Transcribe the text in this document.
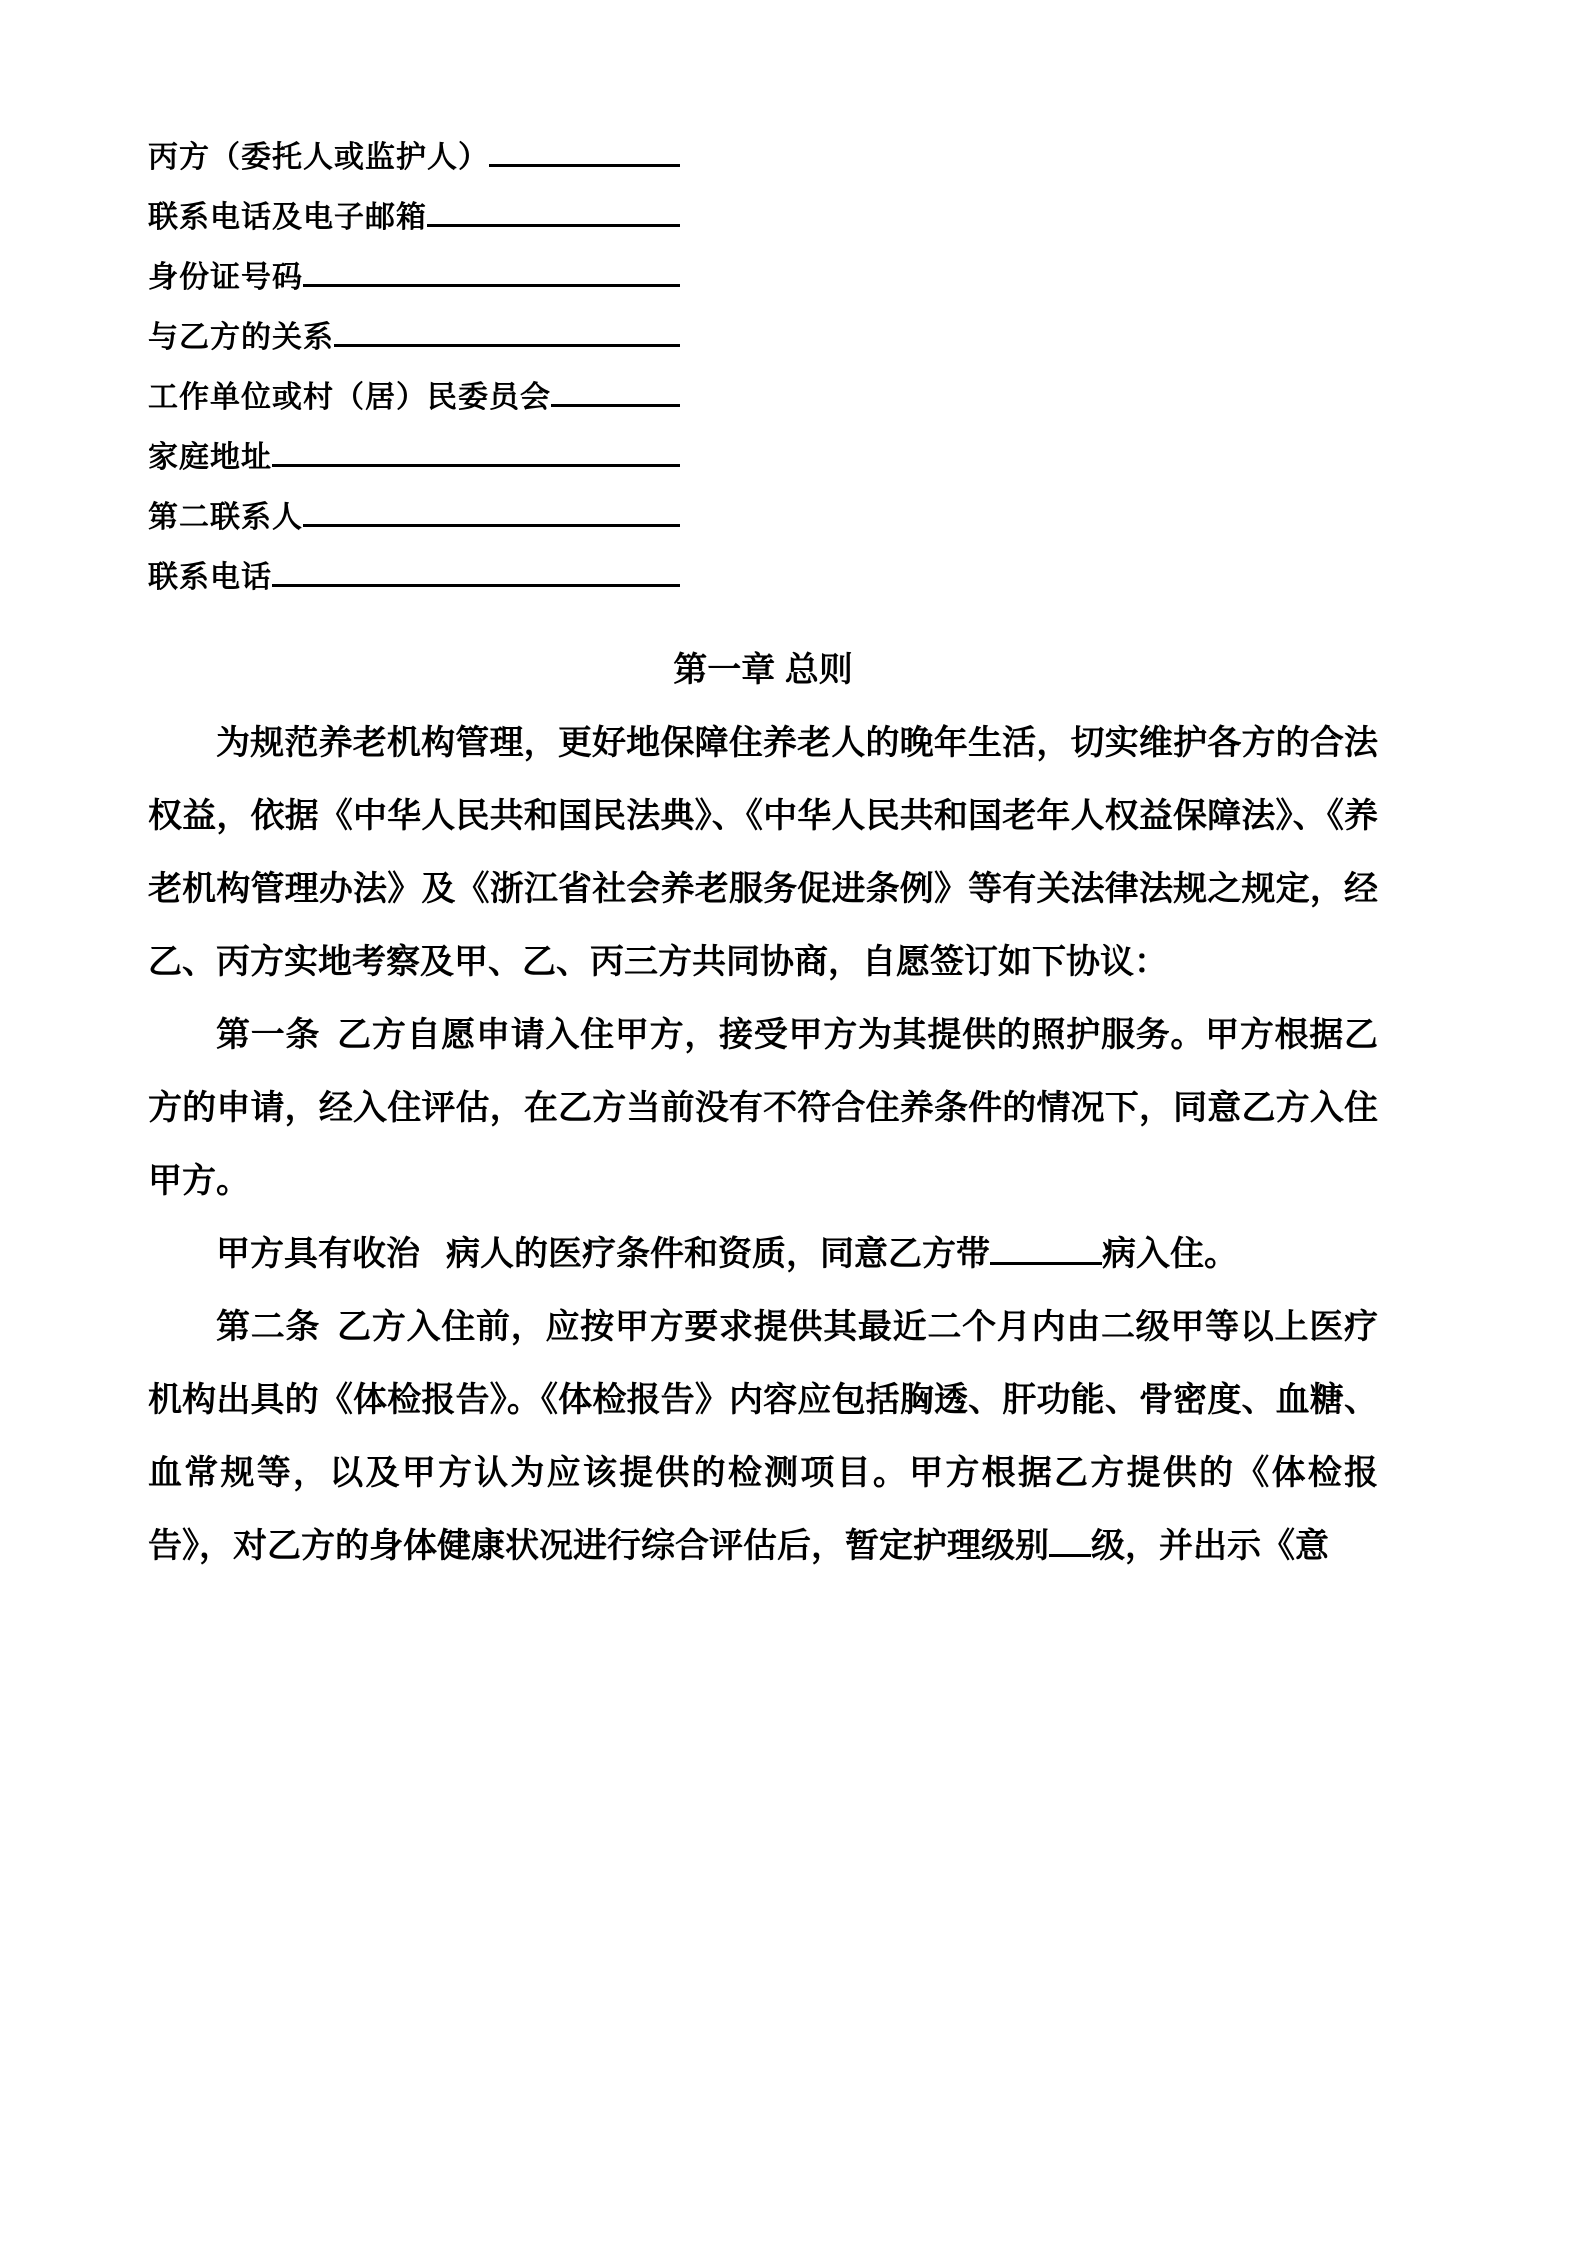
丙方（委托人或监护人）
联系电话及电子邮箱
身份证号码
与乙方的关系
工作单位或村（居）民委员会
家庭地址
第二联系人
联系电话
第一章 总则

为规范养老机构管理，更好地保障住养老人的晚年生活，切实维护各方的合法权益，依据《中华人民共和国民法典》、《中华人民共和国老年人权益保障法》、《养老机构管理办法》及《浙江省社会养老服务促进条例》等有关法律法规之规定，经乙、丙方实地考察及甲、乙、丙三方共同协商，自愿签订如下协议：

第一条 乙方自愿申请入住甲方，接受甲方为其提供的照护服务。甲方根据乙方的申请，经入住评估，在乙方当前没有不符合住养条件的情况下，同意乙方入住甲方。

甲方具有收治 病人的医疗条件和资质，同意乙方带	病入住。

第二条 乙方入住前，应按甲方要求提供其最近二个月内由二级甲等以上医疗机构出具的《体检报告》。《体检报告》内容应包括胸透、肝功能、骨密度、血糖、血常规等，以及甲方认为应该提供的检测项目。甲方根据乙方提供的《体检报告》，对乙方的身体健康状况进行综合评估后，暂定护理级别 级，并出示《意
